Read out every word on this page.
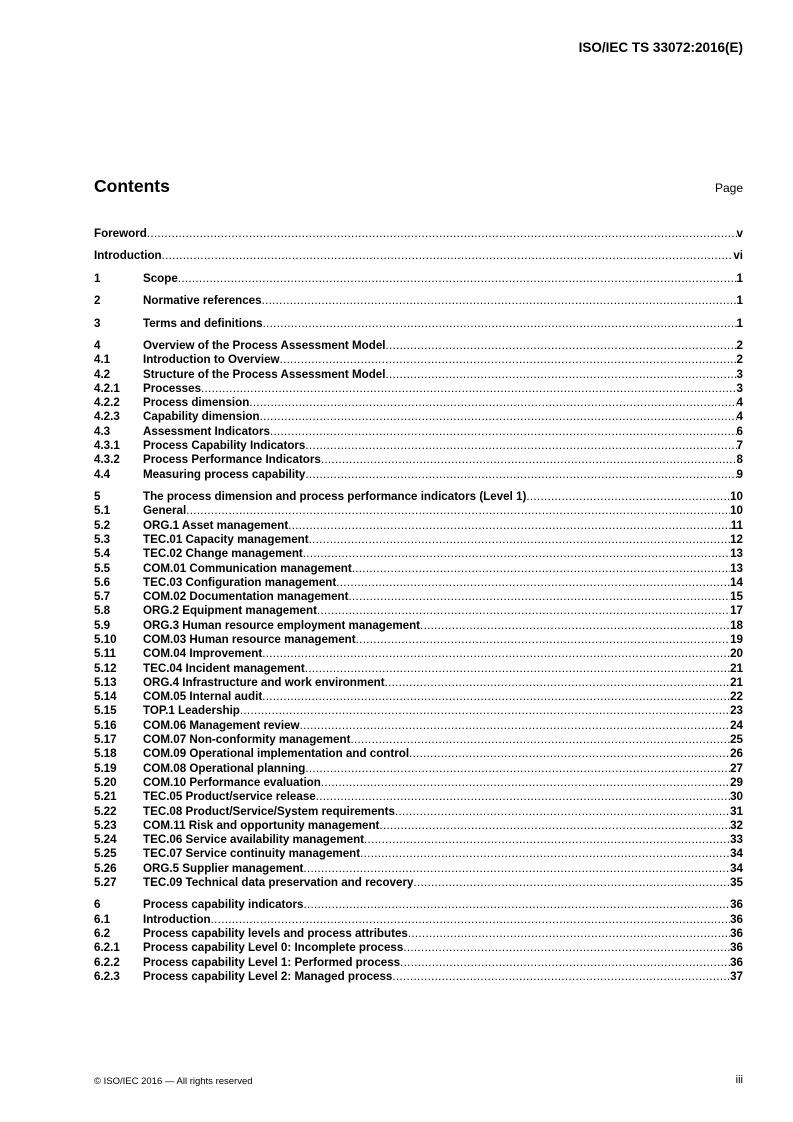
ISO/IEC TS 33072:2016(E)
Contents	Page
Foreword .....	v
Introduction .....	vi
1	Scope .....	1
2	Normative references .....	1
3	Terms and definitions .....	1
4	Overview of the Process Assessment Model .....	2
4.1	Introduction to Overview .....	2
4.2	Structure of the Process Assessment Model .....	3
4.2.1	Processes .....	3
4.2.2	Process dimension .....	4
4.2.3	Capability dimension .....	4
4.3	Assessment Indicators .....	6
4.3.1	Process Capability Indicators .....	7
4.3.2	Process Performance Indicators .....	8
4.4	Measuring process capability .....	9
5	The process dimension and process performance indicators (Level 1) .....	10
5.1	General .....	10
5.2	ORG.1 Asset management .....	11
5.3	TEC.01 Capacity management .....	12
5.4	TEC.02 Change management .....	13
5.5	COM.01 Communication management .....	13
5.6	TEC.03 Configuration management .....	14
5.7	COM.02 Documentation management .....	15
5.8	ORG.2 Equipment management .....	17
5.9	ORG.3 Human resource employment management .....	18
5.10	COM.03 Human resource management .....	19
5.11	COM.04 Improvement .....	20
5.12	TEC.04 Incident management .....	21
5.13	ORG.4 Infrastructure and work environment .....	21
5.14	COM.05 Internal audit .....	22
5.15	TOP.1 Leadership .....	23
5.16	COM.06 Management review .....	24
5.17	COM.07 Non-conformity management .....	25
5.18	COM.09 Operational implementation and control .....	26
5.19	COM.08 Operational planning .....	27
5.20	COM.10 Performance evaluation .....	29
5.21	TEC.05 Product/service release .....	30
5.22	TEC.08 Product/Service/System requirements .....	31
5.23	COM.11 Risk and opportunity management .....	32
5.24	TEC.06 Service availability management .....	33
5.25	TEC.07 Service continuity management .....	34
5.26	ORG.5 Supplier management .....	34
5.27	TEC.09 Technical data preservation and recovery .....	35
6	Process capability indicators .....	36
6.1	Introduction .....	36
6.2	Process capability levels and process attributes .....	36
6.2.1	Process capability Level 0: Incomplete process .....	36
6.2.2	Process capability Level 1: Performed process .....	36
6.2.3	Process capability Level 2: Managed process .....	37
© ISO/IEC 2016 — All rights reserved	iii
